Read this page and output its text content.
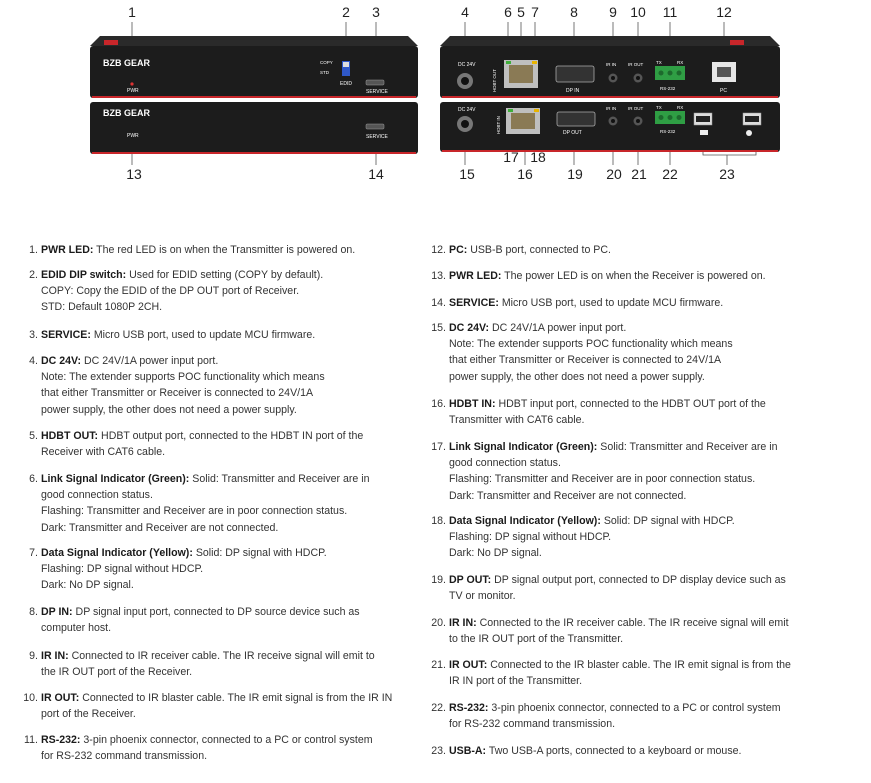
BZB GEAR
PWR
COPY
STD
EDID
SERVICE
BZB GEAR
PWR	SERVICE
DC 24V
HDBT OUT	DP IN
IR IN	IR OUT	TX	RX
RS-232	PC
DC 24V
HDBT IN	DP OUT
IR IN	IR OUT	TX	RX
RS-232
1	2	3	4	6 5 7	8	9 10	11	12
13	14	15
17 18
16	19	20 21	22	23
1. PWR LED: The red LED is on when the Transmitter is powered on.
2. EDID DIP switch: Used for EDID setting (COPY by default).
COPY: Copy the EDID of the DP OUT port of Receiver.
STD: Default 1080P 2CH.
3. SERVICE: Micro USB port, used to update MCU firmware.
4. DC 24V: DC 24V/1A power input port.
Note: The extender supports POC functionality which means
that either Transmitter or Receiver is connected to 24V/1A
power supply, the other does not need a power supply.
5. HDBT OUT: HDBT output port, connected to the HDBT IN port of the
Receiver with CAT6 cable.
6. Link Signal Indicator (Green): Solid: Transmitter and Receiver are in
good connection status.
Flashing: Transmitter and Receiver are in poor connection status.
Dark: Transmitter and Receiver are not connected.
7. Data Signal Indicator (Yellow): Solid: DP signal with HDCP.
Flashing: DP signal without HDCP.
Dark: No DP signal.
8. DP IN: DP signal input port, connected to DP source device such as
computer host.
9. IR IN: Connected to IR receiver cable. The IR receive signal will emit to
the IR OUT port of the Receiver.
10. IR OUT: Connected to IR blaster cable. The IR emit signal is from the IR IN
port of the Receiver.
11. RS-232: 3-pin phoenix connector, connected to a PC or control system
for RS-232 command transmission.
12. PC: USB-B port, connected to PC.
13. PWR LED: The power LED is on when the Receiver is powered on.
14. SERVICE: Micro USB port, used to update MCU firmware.
15. DC 24V: DC 24V/1A power input port.
Note: The extender supports POC functionality which means
that either Transmitter or Receiver is connected to 24V/1A
power supply, the other does not need a power supply.
16. HDBT IN: HDBT input port, connected to the HDBT OUT port of the
Transmitter with CAT6 cable.
17. Link Signal Indicator (Green): Solid: Transmitter and Receiver are in
good connection status.
Flashing: Transmitter and Receiver are in poor connection status.
Dark: Transmitter and Receiver are not connected.
18. Data Signal Indicator (Yellow): Solid: DP signal with HDCP.
Flashing: DP signal without HDCP.
Dark: No DP signal.
19. DP OUT: DP signal output port, connected to DP display device such as
TV or monitor.
20. IR IN: Connected to the IR receiver cable. The IR receive signal will emit
to the IR OUT port of the Transmitter.
21. IR OUT: Connected to the IR blaster cable. The IR emit signal is from the
IR IN port of the Transmitter.
22. RS-232: 3-pin phoenix connector, connected to a PC or control system
for RS-232 command transmission.
23. USB-A: Two USB-A ports, connected to a keyboard or mouse.
